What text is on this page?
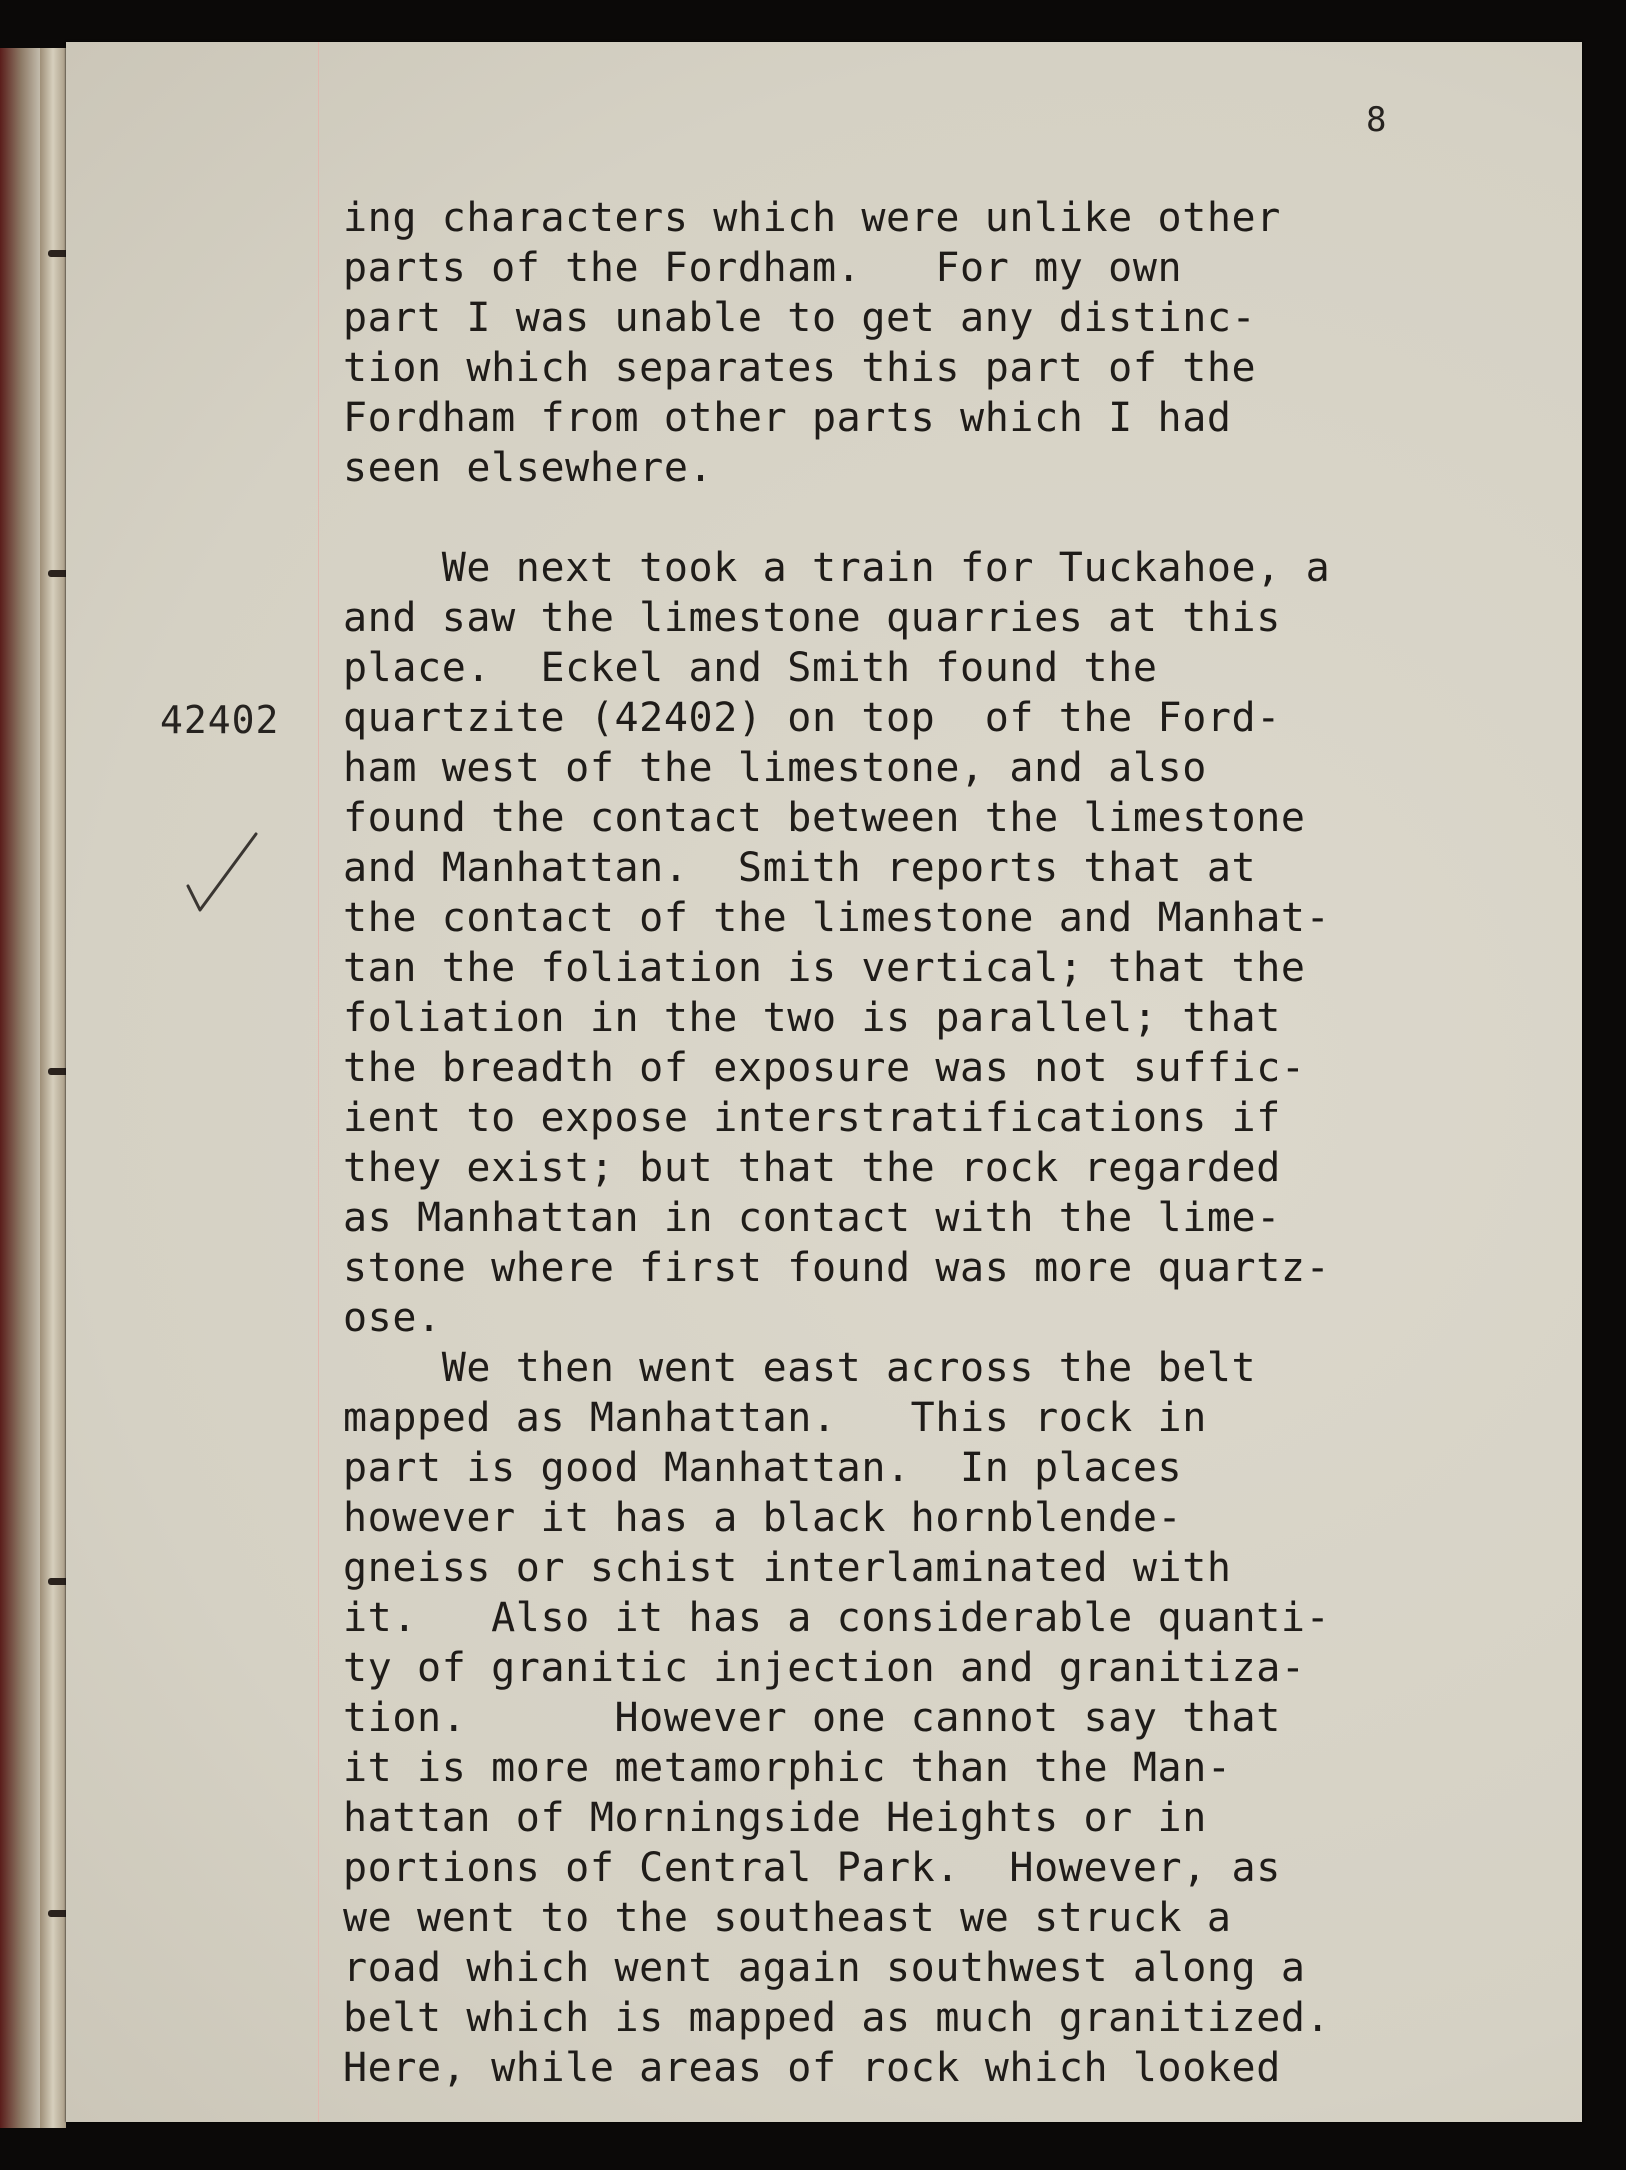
8
42402

ing characters which were unlike other

parts of the Fordham.   For my own

part I was unable to get any distinc-

tion which separates this part of the

Fordham from other parts which I had

seen elsewhere.

We next took a train for Tuckahoe, a

and saw the limestone quarries at this

place.  Eckel and Smith found the

quartzite (42402) on top  of the Ford-

ham west of the limestone, and also

found the contact between the limestone

and Manhattan.  Smith reports that at

the contact of the limestone and Manhat-

tan the foliation is vertical; that the

foliation in the two is parallel; that

the breadth of exposure was not suffic-

ient to expose interstratifications if

they exist; but that the rock regarded

as Manhattan in contact with the lime-

stone where first found was more quartz-

ose.

We then went east across the belt

mapped as Manhattan.   This rock in

part is good Manhattan.  In places

however it has a black hornblende-

gneiss or schist interlaminated with

it.   Also it has a considerable quanti-

ty of granitic injection and granitiza-

tion.      However one cannot say that

it is more metamorphic than the Man-

hattan of Morningside Heights or in

portions of Central Park.  However, as

we went to the southeast we struck a

road which went again southwest along a

belt which is mapped as much granitized.

Here, while areas of rock which looked
